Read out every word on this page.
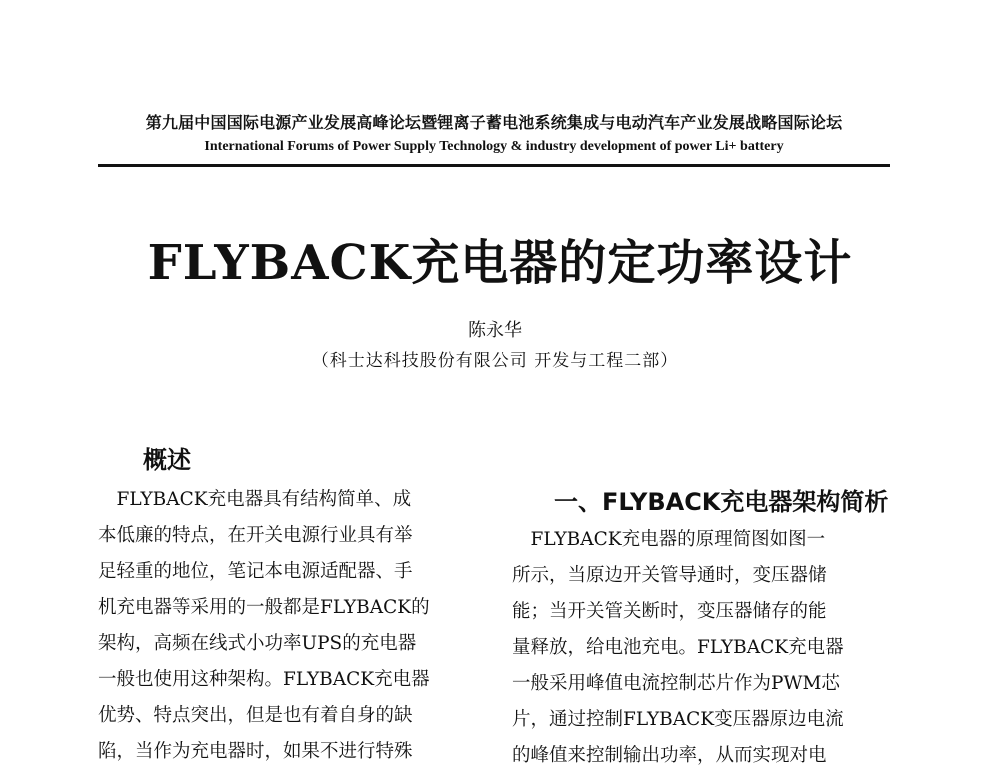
第九届中国国际电源产业发展高峰论坛暨锂离子蓄电池系统集成与电动汽车产业发展战略国际论坛
International Forums of Power Supply Technology & industry development of power Li+ battery
FLYBACK充电器的定功率设计
陈永华
（科士达科技股份有限公司 开发与工程二部）
概述
　FLYBACK充电器具有结构简单、成
本低廉的特点，在开关电源行业具有举
足轻重的地位，笔记本电源适配器、手
机充电器等采用的一般都是FLYBACK的
架构，高频在线式小功率UPS的充电器
一般也使用这种架构。FLYBACK充电器
优势、特点突出，但是也有着自身的缺
陷，当作为充电器时，如果不进行特殊
一、FLYBACK充电器架构简析
　FLYBACK充电器的原理简图如图一
所示，当原边开关管导通时，变压器储
能；当开关管关断时，变压器储存的能
量释放，给电池充电。FLYBACK充电器
一般采用峰值电流控制芯片作为PWM芯
片，通过控制FLYBACK变压器原边电流
的峰值来控制输出功率，从而实现对电
